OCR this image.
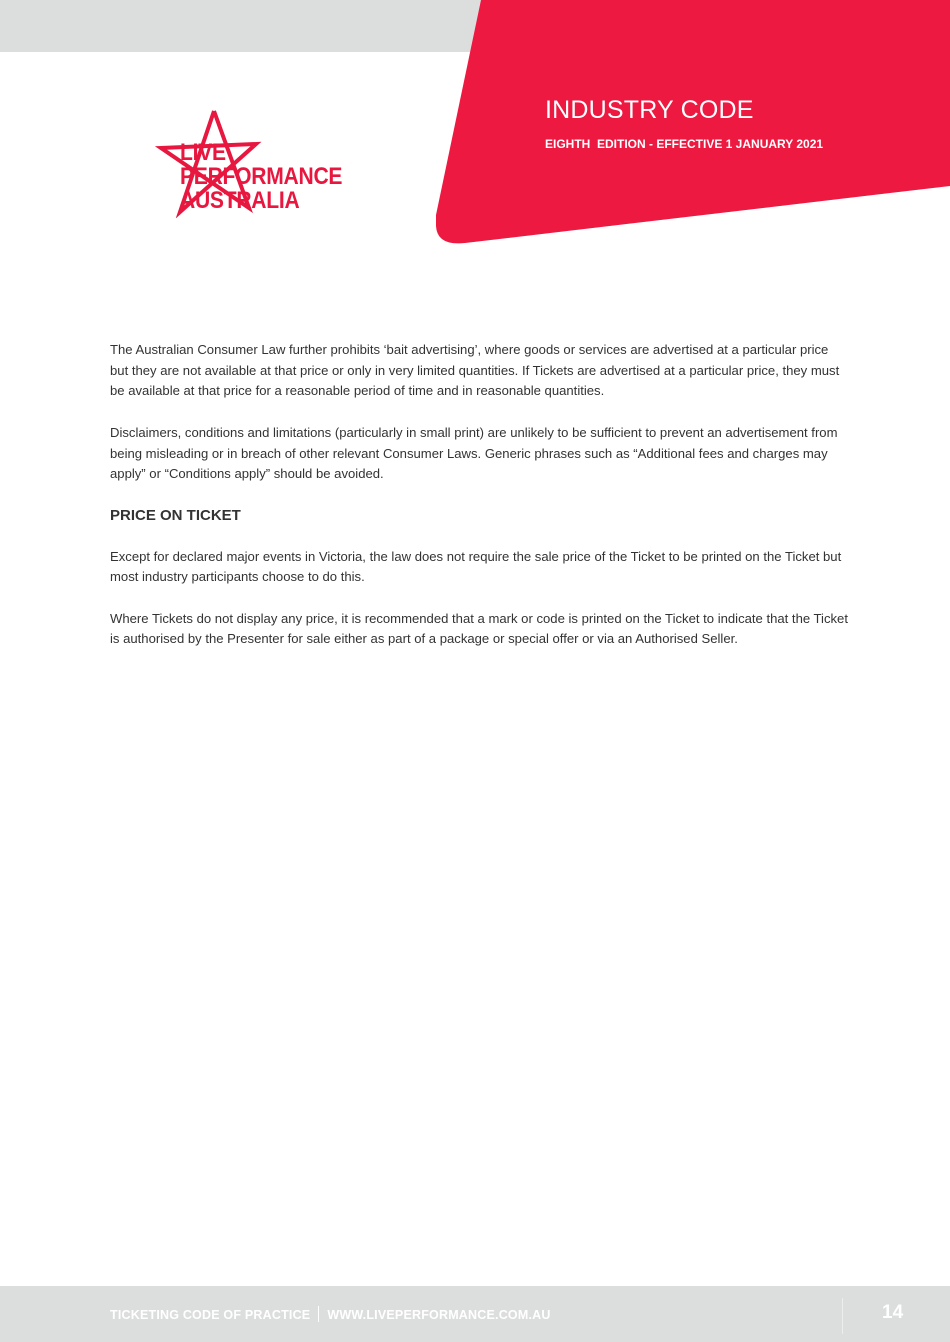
LIVE
PERFORMANCE
AUSTRALIA
INDUSTRY CODE
EIGHTH  EDITION - EFFECTIVE 1 JANUARY 2021

The Australian Consumer Law further prohibits ‘bait advertising’, where goods or services are advertised at a particular price but they are not available at that price or only in very limited quantities. If Tickets are advertised at a particular price, they must be available at that price for a reasonable period of time and in reasonable quantities.

Disclaimers, conditions and limitations (particularly in small print) are unlikely to be sufficient to prevent an advertisement from being misleading or in breach of other relevant Consumer Laws. Generic phrases such as “Additional fees and charges may apply” or “Conditions apply” should be avoided.

PRICE ON TICKET

Except for declared major events in Victoria, the law does not require the sale price of the Ticket to be printed on the Ticket but most industry participants choose to do this.

Where Tickets do not display any price, it is recommended that a mark or code is printed on the Ticket to indicate that the Ticket is authorised by the Presenter for sale either as part of a package or special offer or via an Authorised Seller.

TICKETING CODE OF PRACTICE WWW.LIVEPERFORMANCE.COM.AU	14
